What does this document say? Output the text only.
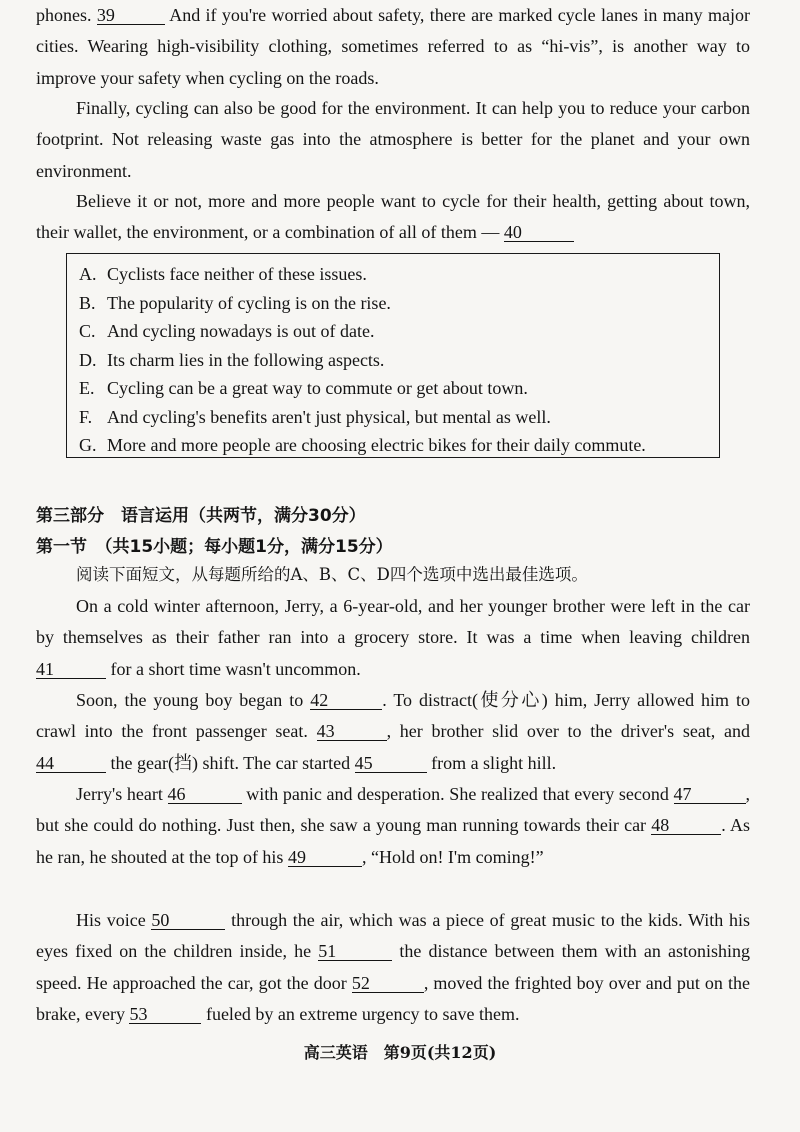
phones. 39	And if you're worried about safety, there are marked cycle lanes in many major cities. Wearing high-visibility clothing, sometimes referred to as “hi-vis”, is another way to improve your safety when cycling on the roads.

Finally, cycling can also be good for the environment. It can help you to reduce your carbon footprint. Not releasing waste gas into the atmosphere is better for the planet and your own environment.

Believe it or not, more and more people want to cycle for their health, getting about town, their wallet, the environment, or a combination of all of them — 40

A. Cyclists face neither of these issues.
B. The popularity of cycling is on the rise.
C. And cycling nowadays is out of date.
D. Its charm lies in the following aspects.
E. Cycling can be a great way to commute or get about town.
F. And cycling's benefits aren't just physical, but mental as well.
G. More and more people are choosing electric bikes for their daily commute.

第三部分　语言运用（共两节，满分30分）

第一节　（共15小题；每小题1分，满分15分）

阅读下面短文，从每题所给的A、B、C、D四个选项中选出最佳选项。

On a cold winter afternoon, Jerry, a 6-year-old, and her younger brother were left in the car by themselves as their father ran into a grocery store. It was a time when leaving children 41	for a short time wasn't uncommon.

Soon, the young boy began to 42	. To distract(使分心) him, Jerry allowed him to crawl into the front passenger seat. 43	, her brother slid over to the driver's seat, and 44	the gear(挡) shift. The car started 45	from a slight hill.

Jerry's heart 46	with panic and desperation. She realized that every second 47	, but she could do nothing. Just then, she saw a young man running towards their car 48	. As he ran, he shouted at the top of his 49	, “Hold on! I'm coming!”

His voice 50	through the air, which was a piece of great music to the kids. With his eyes fixed on the children inside, he 51	the distance between them with an astonishing speed. He approached the car, got the door 52	, moved the frighted boy over and put on the brake, every 53	fueled by an extreme urgency to save them.

高三英语　第9页(共12页)
